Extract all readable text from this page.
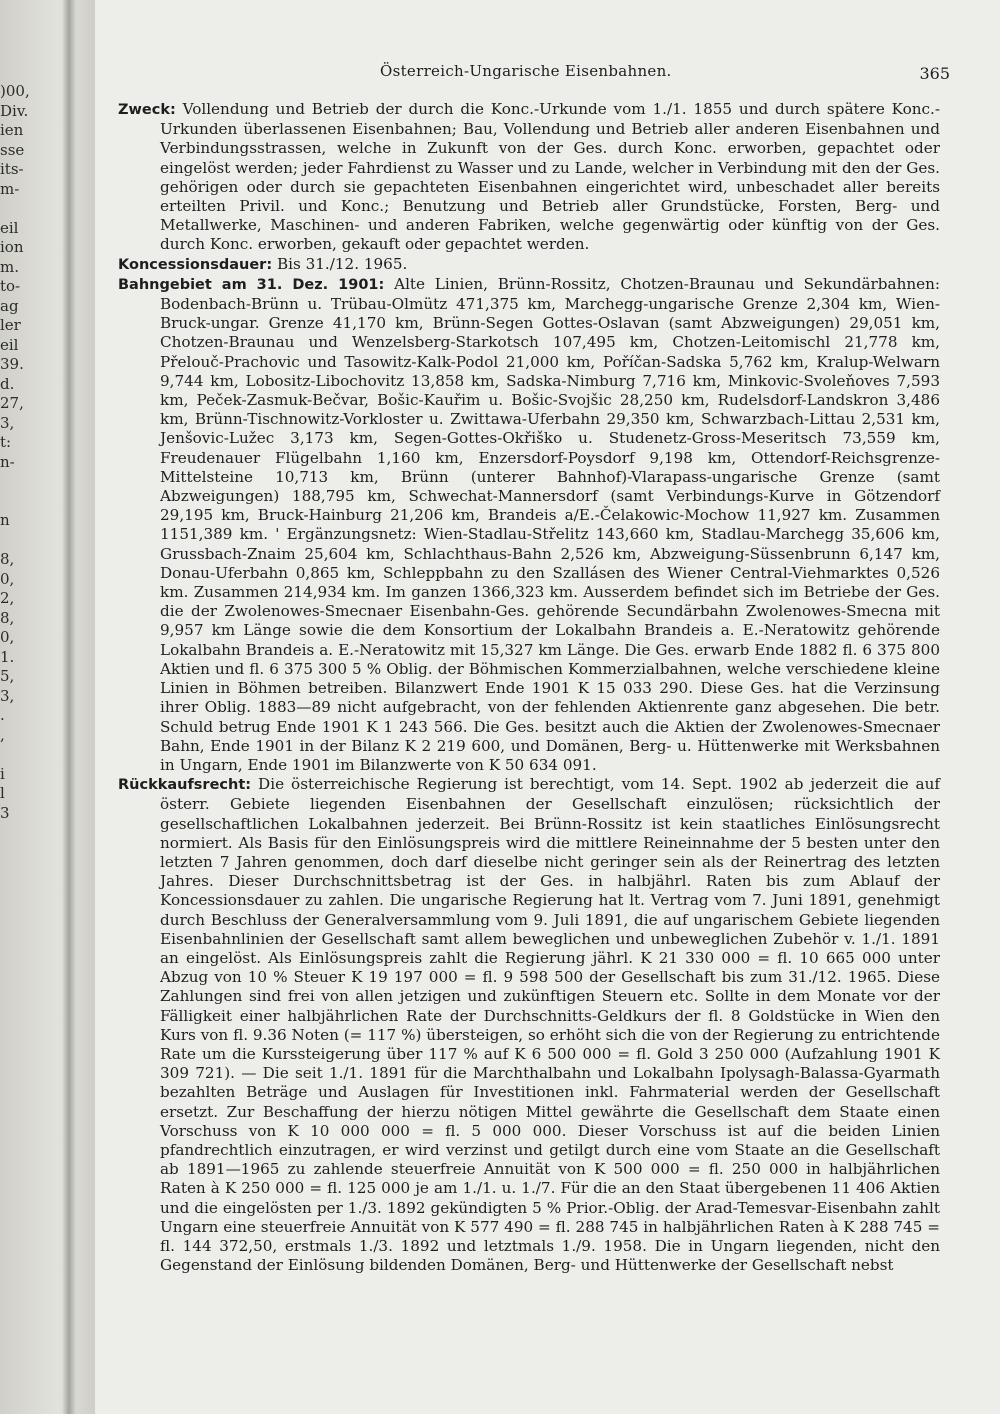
)00,
Div.
ien
sse
its-
m-
eil
ion
m.
to-
ag
ler
eil
39.
d.
27,
3,
t:
n-
n
8,
0,
2,
8,
0,
1.
5,
3,
.
,
i
l
3
Österreich-Ungarische Eisenbahnen.	365

Zweck: Vollendung und Betrieb der durch die Konc.-Urkunde vom 1./1. 1855 und durch spätere Konc.-Urkunden überlassenen Eisenbahnen; Bau, Vollendung und Betrieb aller anderen Eisenbahnen und Verbindungsstrassen, welche in Zukunft von der Ges. durch Konc. erworben, gepachtet oder eingelöst werden; jeder Fahrdienst zu Wasser und zu Lande, welcher in Verbindung mit den der Ges. gehörigen oder durch sie gepachteten Eisenbahnen eingerichtet wird, unbeschadet aller bereits erteilten Privil. und Konc.; Benutzung und Betrieb aller Grundstücke, Forsten, Berg- und Metallwerke, Maschinen- und anderen Fabriken, welche gegenwärtig oder künftig von der Ges. durch Konc. erworben, gekauft oder gepachtet werden.

Koncessionsdauer: Bis 31./12. 1965.

Bahngebiet am 31. Dez. 1901: Alte Linien, Brünn-Rossitz, Chotzen-Braunau und Sekundärbahnen: Bodenbach-Brünn u. Trübau-Olmütz 471,375 km, Marchegg-ungarische Grenze 2,304 km, Wien-Bruck-ungar. Grenze 41,170 km, Brünn-Segen Gottes-Oslavan (samt Abzweigungen) 29,051 km, Chotzen-Braunau und Wenzelsberg-Starkotsch 107,495 km, Chotzen-Leitomischl 21,778 km, Přelouč-Prachovic und Tasowitz-Kalk-Podol 21,000 km, Poříčan-Sadska 5,762 km, Kralup-Welwarn 9,744 km, Lobositz-Libochovitz 13,858 km, Sadska-Nimburg 7,716 km, Minkovic-Svoleňoves 7,593 km, Peček-Zasmuk-Bečvar, Bošic-Kauřim u. Bošic-Svojšic 28,250 km, Rudelsdorf-Landskron 3,486 km, Brünn-Tischnowitz-Vorkloster u. Zwittawa-Uferbahn 29,350 km, Schwarzbach-Littau 2,531 km, Jenšovic-Lužec 3,173 km, Segen-Gottes-Okřiško u. Studenetz-Gross-Meseritsch 73,559 km, Freudenauer Flügelbahn 1,160 km, Enzersdorf-Poysdorf 9,198 km, Ottendorf-Reichsgrenze-Mittelsteine 10,713 km, Brünn (unterer Bahnhof)-Vlarapass-ungarische Grenze (samt Abzweigungen) 188,795 km, Schwechat-Mannersdorf (samt Verbindungs-Kurve in Götzendorf 29,195 km, Bruck-Hainburg 21,206 km, Brandeis a/E.-Čelakowic-Mochow 11,927 km. Zusammen 1151,389 km. ' Ergänzungsnetz: Wien-Stadlau-Střelitz 143,660 km, Stadlau-Marchegg 35,606 km, Grussbach-Znaim 25,604 km, Schlachthaus-Bahn 2,526 km, Abzweigung-Süssenbrunn 6,147 km, Donau-Uferbahn 0,865 km, Schleppbahn zu den Szallásen des Wiener Central-Viehmarktes 0,526 km. Zusammen 214,934 km. Im ganzen 1366,323 km. Ausserdem befindet sich im Betriebe der Ges. die der Zwolenowes-Smecnaer Eisenbahn-Ges. gehörende Secundärbahn Zwolenowes-Smecna mit 9,957 km Länge sowie die dem Konsortium der Lokalbahn Brandeis a. E.-Neratowitz gehörende Lokalbahn Brandeis a. E.-Neratowitz mit 15,327 km Länge. Die Ges. erwarb Ende 1882 fl. 6 375 800 Aktien und fl. 6 375 300 5 % Oblig. der Böhmischen Kommerzialbahnen, welche verschiedene kleine Linien in Böhmen betreiben. Bilanzwert Ende 1901 K 15 033 290. Diese Ges. hat die Verzinsung ihrer Oblig. 1883—89 nicht aufgebracht, von der fehlenden Aktienrente ganz abgesehen. Die betr. Schuld betrug Ende 1901 K 1 243 566. Die Ges. besitzt auch die Aktien der Zwolenowes-Smecnaer Bahn, Ende 1901 in der Bilanz K 2 219 600, und Domänen, Berg- u. Hüttenwerke mit Werksbahnen in Ungarn, Ende 1901 im Bilanzwerte von K 50 634 091.

Rückkaufsrecht: Die österreichische Regierung ist berechtigt, vom 14. Sept. 1902 ab jederzeit die auf österr. Gebiete liegenden Eisenbahnen der Gesellschaft einzulösen; rücksichtlich der gesellschaftlichen Lokalbahnen jederzeit. Bei Brünn-Rossitz ist kein staatliches Einlösungsrecht normiert. Als Basis für den Einlösungspreis wird die mittlere Reineinnahme der 5 besten unter den letzten 7 Jahren genommen, doch darf dieselbe nicht geringer sein als der Reinertrag des letzten Jahres. Dieser Durchschnittsbetrag ist der Ges. in halbjährl. Raten bis zum Ablauf der Koncessionsdauer zu zahlen. Die ungarische Regierung hat lt. Vertrag vom 7. Juni 1891, genehmigt durch Beschluss der Generalversammlung vom 9. Juli 1891, die auf ungarischem Gebiete liegenden Eisenbahnlinien der Gesellschaft samt allem beweglichen und unbeweglichen Zubehör v. 1./1. 1891 an eingelöst. Als Einlösungspreis zahlt die Regierung jährl. K 21 330 000 = fl. 10 665 000 unter Abzug von 10 % Steuer K 19 197 000 = fl. 9 598 500 der Gesellschaft bis zum 31./12. 1965. Diese Zahlungen sind frei von allen jetzigen und zukünftigen Steuern etc. Sollte in dem Monate vor der Fälligkeit einer halbjährlichen Rate der Durchschnitts-Geldkurs der fl. 8 Goldstücke in Wien den Kurs von fl. 9.36 Noten (= 117 %) übersteigen, so erhöht sich die von der Regierung zu entrichtende Rate um die Kurssteigerung über 117 % auf K 6 500 000 = fl. Gold 3 250 000 (Aufzahlung 1901 K 309 721). — Die seit 1./1. 1891 für die Marchthalbahn und Lokalbahn Ipolysagh-Balassa-Gyarmath bezahlten Beträge und Auslagen für Investitionen inkl. Fahrmaterial werden der Gesellschaft ersetzt. Zur Beschaffung der hierzu nötigen Mittel gewährte die Gesellschaft dem Staate einen Vorschuss von K 10 000 000 = fl. 5 000 000. Dieser Vorschuss ist auf die beiden Linien pfandrechtlich einzutragen, er wird verzinst und getilgt durch eine vom Staate an die Gesellschaft ab 1891—1965 zu zahlende steuerfreie Annuität von K 500 000 = fl. 250 000 in halbjährlichen Raten à K 250 000 = fl. 125 000 je am 1./1. u. 1./7. Für die an den Staat übergebenen 11 406 Aktien und die eingelösten per 1./3. 1892 gekündigten 5 % Prior.-Oblig. der Arad-Temesvar-Eisenbahn zahlt Ungarn eine steuerfreie Annuität von K 577 490 = fl. 288 745 in halbjährlichen Raten à K 288 745 = fl. 144 372,50, erstmals 1./3. 1892 und letztmals 1./9. 1958. Die in Ungarn liegenden, nicht den Gegenstand der Einlösung bildenden Domänen, Berg- und Hüttenwerke der Gesellschaft nebst
